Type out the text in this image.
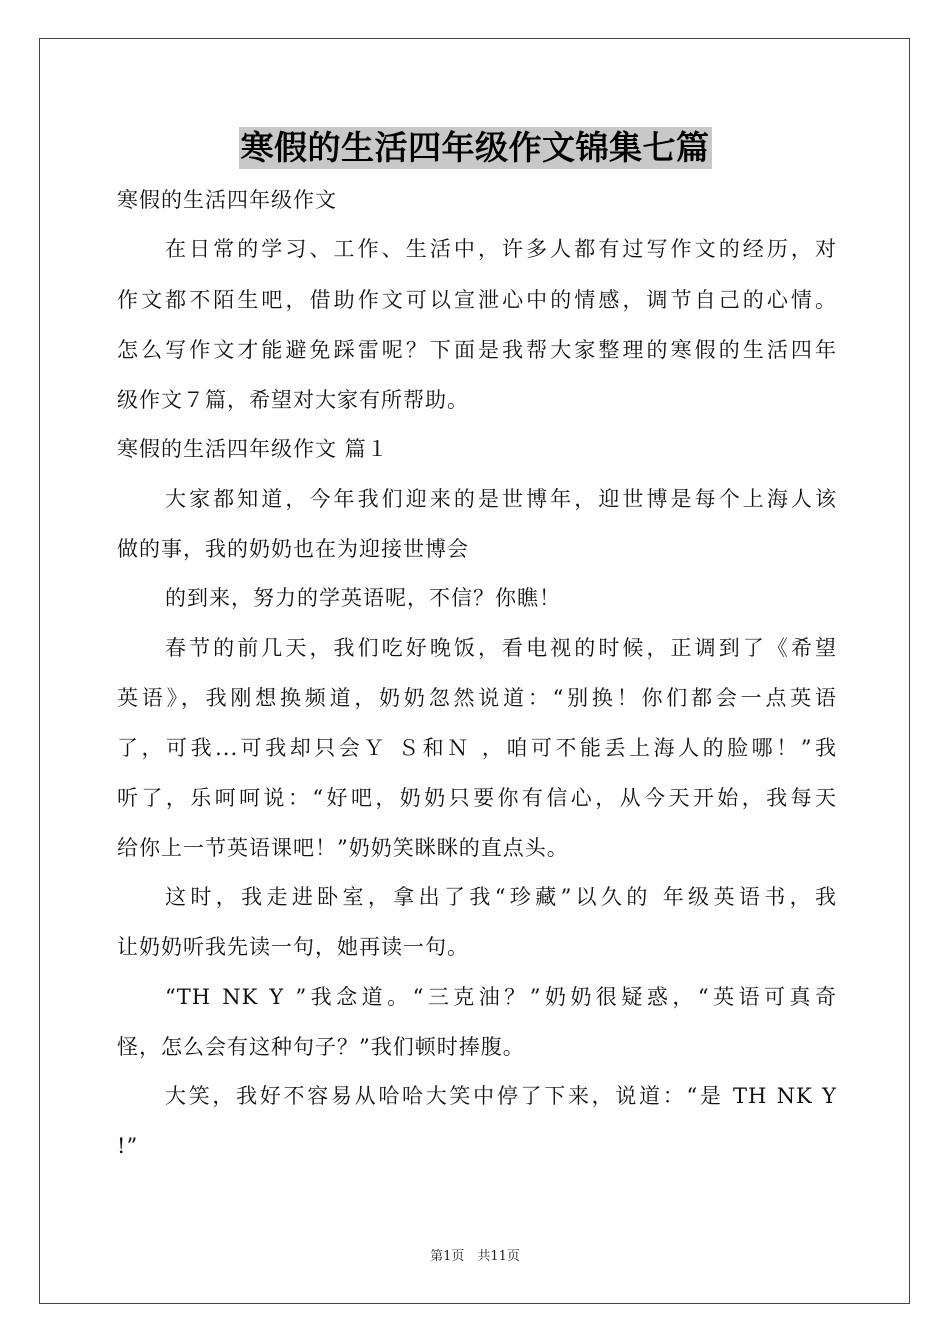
寒假的生活四年级作文锦集七篇
寒假的生活四年级作文
在日常的学习、工作、生活中，许多人都有过写作文的经历，对
作文都不陌生吧，借助作文可以宣泄心中的情感，调节自己的心情。
怎么写作文才能避免踩雷呢？下面是我帮大家整理的寒假的生活四年
级作文７篇，希望对大家有所帮助。
寒假的生活四年级作文 篇１
大家都知道，今年我们迎来的是世博年，迎世博是每个上海人该
做的事，我的奶奶也在为迎接世博会
的到来，努力的学英语呢，不信？你瞧！
春节的前几天，我们吃好晚饭，看电视的时候，正调到了《希望
英语》，我刚想换频道，奶奶忽然说道：“别换！你们都会一点英语
了，可我...可我却只会Ｙ Ｓ和Ｎ ，咱可不能丢上海人的脸哪！”我
听了，乐呵呵说：“好吧，奶奶只要你有信心，从今天开始，我每天
给你上一节英语课吧！”奶奶笑眯眯的直点头。
这时，我走进卧室，拿出了我“珍藏”以久的 年级英语书，我
让奶奶听我先读一句，她再读一句。
“TH NK Y ”我念道。“三克油？”奶奶很疑惑，“英语可真奇
怪，怎么会有这种句子？”我们顿时捧腹。
大笑，我好不容易从哈哈大笑中停了下来，说道：“是 TH NK Y
!”
第1页　共11页
